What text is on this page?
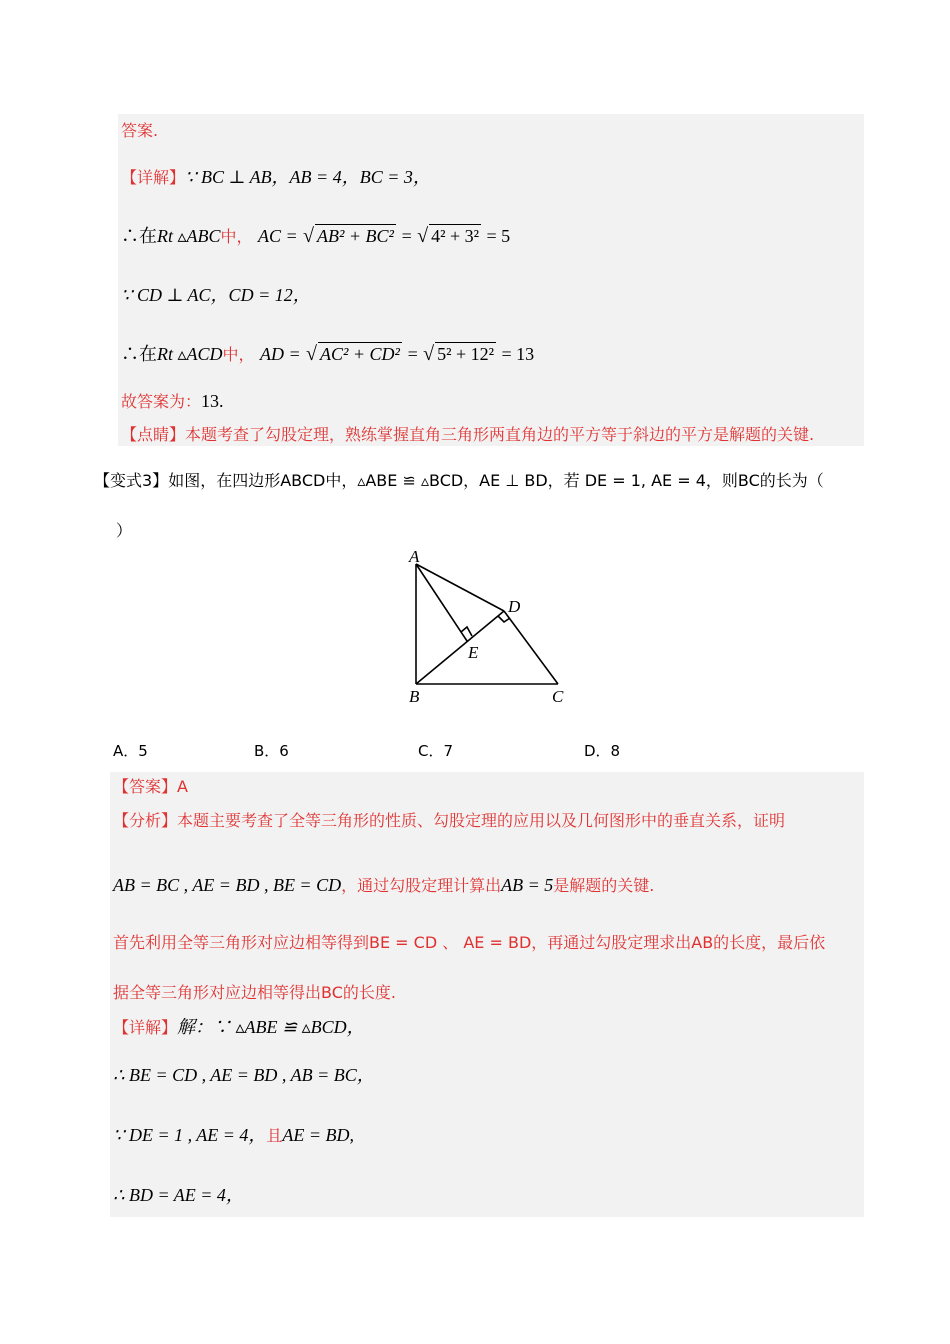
答案.
【详解】∵ BC ⊥ AB，AB = 4，BC = 3，
∴在Rt ▵ABC中， AC = √ AB² + BC² = √ 4² + 3² = 5
∵ CD ⊥ AC，CD = 12，
∴在Rt ▵ACD中， AD = √ AC² + CD² = √ 5² + 12² = 13
故答案为：13.
【点睛】本题考查了勾股定理，熟练掌握直角三角形两直角边的平方等于斜边的平方是解题的关键.
【变式3】如图，在四边形ABCD中，▵ABE ≌ ▵BCD，AE ⊥ BD，若 DE = 1, AE = 4，则BC的长为（
）
A
B	C
D
E
A．5	B．6	C．7	D．8
【答案】A
【分析】本题主要考查了全等三角形的性质、勾股定理的应用以及几何图形中的垂直关系，证明
AB = BC , AE = BD , BE = CD，通过勾股定理计算出AB = 5是解题的关键.
首先利用全等三角形对应边相等得到BE = CD 、 AE = BD，再通过勾股定理求出AB的长度，最后依
据全等三角形对应边相等得出BC的长度.
【详解】解：∵ ▵ABE ≌ ▵BCD，
∴ BE = CD , AE = BD , AB = BC，
∵ DE = 1 , AE = 4，且AE = BD,
∴ BD = AE = 4，
